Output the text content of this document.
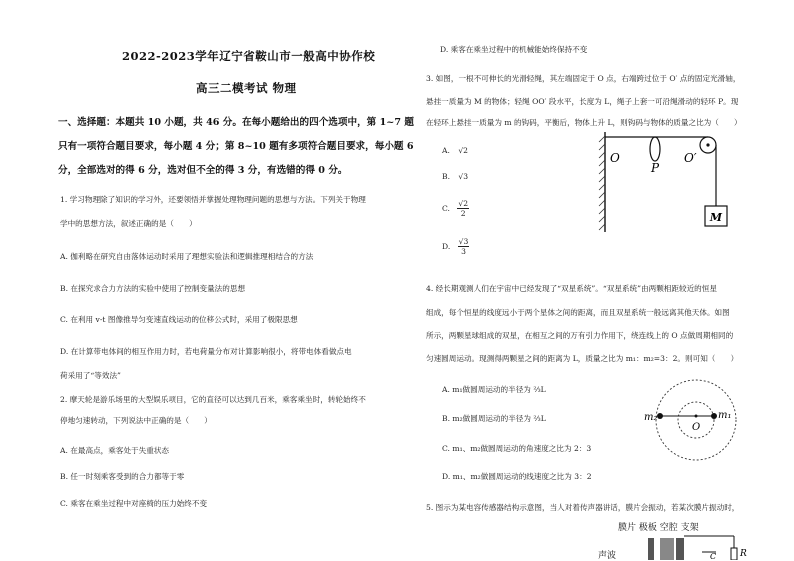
2022-2023学年辽宁省鞍山市一般高中协作校
高三二模考试 物理
一、选择题：本题共 10 小题，共 46 分。在每小题给出的四个选项中，第 1~7 题
只有一项符合题目要求，每小题 4 分；第 8~10 题有多项符合题目要求，每小题 6
分，全部选对的得 6 分，选对但不全的得 3 分，有选错的得 0 分。
1. 学习物理除了知识的学习外，还要领悟并掌握处理物理问题的思想与方法。下列关于物理
学中的思想方法，叙述正确的是（　　）
A. 伽利略在研究自由落体运动时采用了理想实验法和逻辑推理相结合的方法
B. 在探究求合力方法的实验中使用了控制变量法的思想
C. 在利用 v-t 图像推导匀变速直线运动的位移公式时，采用了极限思想
D. 在计算带电体间的相互作用力时，若电荷量分布对计算影响很小，将带电体看做点电
荷采用了“等效法”
2. 摩天轮是游乐场里的大型娱乐项目，它的直径可以达到几百米，乘客乘坐时，转轮始终不
停地匀速转动，下列说法中正确的是（　　）
A. 在最高点，乘客处于失重状态
B. 任一时刻乘客受到的合力都等于零
C. 乘客在乘坐过程中对座椅的压力始终不变
D. 乘客在乘坐过程中的机械能始终保持不变
3. 如图，一根不可伸长的光滑轻绳，其左端固定于 O 点，右端跨过位于 O′ 点的固定光滑轴，
悬挂一质量为 M 的物体；轻绳 OO′ 段水平，长度为 L，绳子上套一可沿绳滑动的轻环 P。现
在轻环上悬挂一质量为 m 的钩码，平衡后，物体上升 L，则钩码与物体的质量之比为（　　）
A. √2
B. √3
C. $\frac{√2}{2}$
D. $\frac{√3}{3}$
M
O
P
O′
4. 经长期观测人们在宇宙中已经发现了“双星系统”。“双星系统”由两颗相距较近的恒星
组成，每个恒星的线度远小于两个星体之间的距离，而且双星系统一般远离其他天体。如图
所示，两颗星球组成的双星，在相互之间的万有引力作用下，绕连线上的 O 点做周期相同的
匀速圆周运动。现测得两颗星之间的距离为 L，质量之比为 m₁：m₂=3：2。则可知（　　）
A. m₁做圆周运动的半径为 ⅔L
B. m₂做圆周运动的半径为 ⅔L
C. m₁、m₂做圆周运动的角速度之比为 2：3
D. m₁、m₂做圆周运动的线速度之比为 3：2
m₂	m₁
O
5. 图示为某电容传感器结构示意图，当人对着传声器讲话，膜片会振动，若某次膜片振动时，
膜片 极板 空腔 支架
声波	C	R
